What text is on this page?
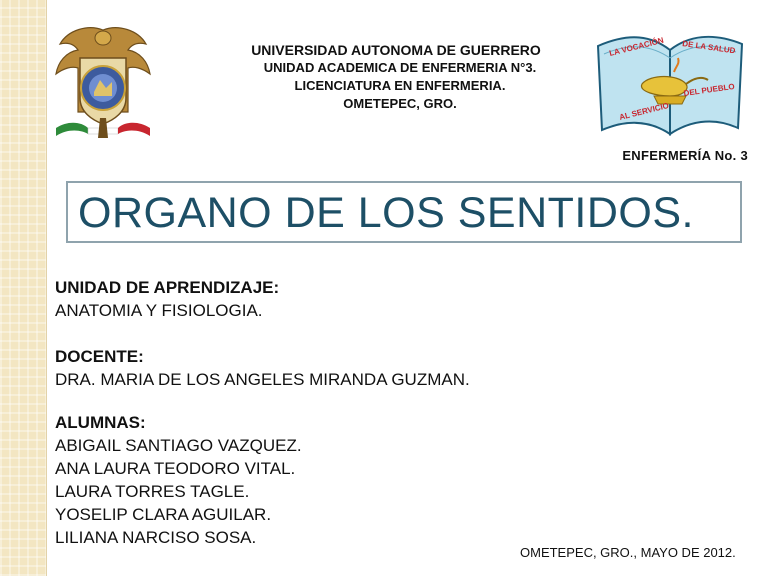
UNIVERSIDAD AUTONOMA DE GUERRERO
UNIDAD ACADEMICA DE ENFERMERIA N°3.
LICENCIATURA EN ENFERMERIA.
OMETEPEC, GRO.
LA VOCACIÓN DE LA SALUD
AL SERVICIO
DEL PUEBLO
ENFERMERÍA No. 3
ORGANO DE LOS SENTIDOS.
UNIDAD DE APRENDIZAJE:
ANATOMIA Y FISIOLOGIA.
DOCENTE:
DRA. MARIA DE LOS ANGELES MIRANDA GUZMAN.
ALUMNAS:
ABIGAIL SANTIAGO VAZQUEZ.
ANA LAURA TEODORO VITAL.
LAURA TORRES TAGLE.
YOSELIP CLARA AGUILAR.
LILIANA NARCISO SOSA.
OMETEPEC, GRO., MAYO DE 2012.
